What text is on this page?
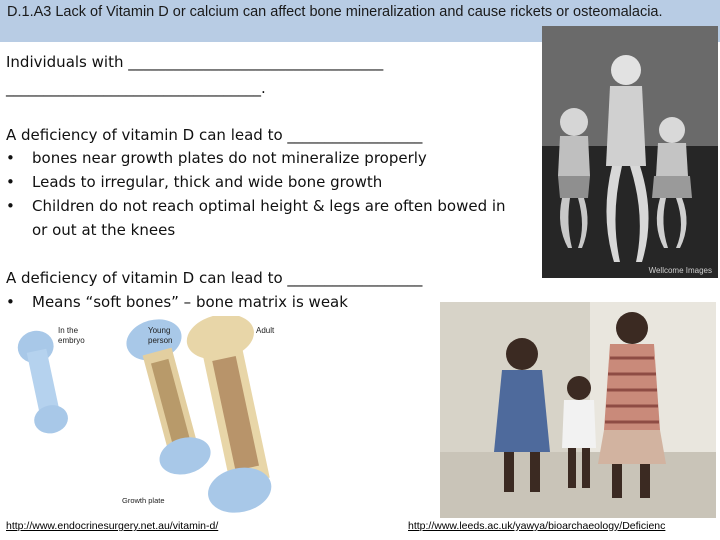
D.1.A3 Lack of Vitamin D or calcium can affect bone mineralization and cause rickets or osteomalacia.
Individuals with __________________________________
__________________________________.
A deficiency of vitamin D can lead to __________________
• bones near growth plates do not mineralize properly
• Leads to irregular, thick and wide bone growth
• Children do not reach optimal height & legs are often bowed in
or out at the knees
A deficiency of vitamin D can lead to __________________
• Means “soft bones” – bone matrix is weak
Wellcome Images
In the
embryo
Young
person
Adult
Growth plate
http://www.endocrinesurgery.net.au/vitamin-d/	http://www.leeds.ac.uk/yawya/bioarchaeology/Deficienc
